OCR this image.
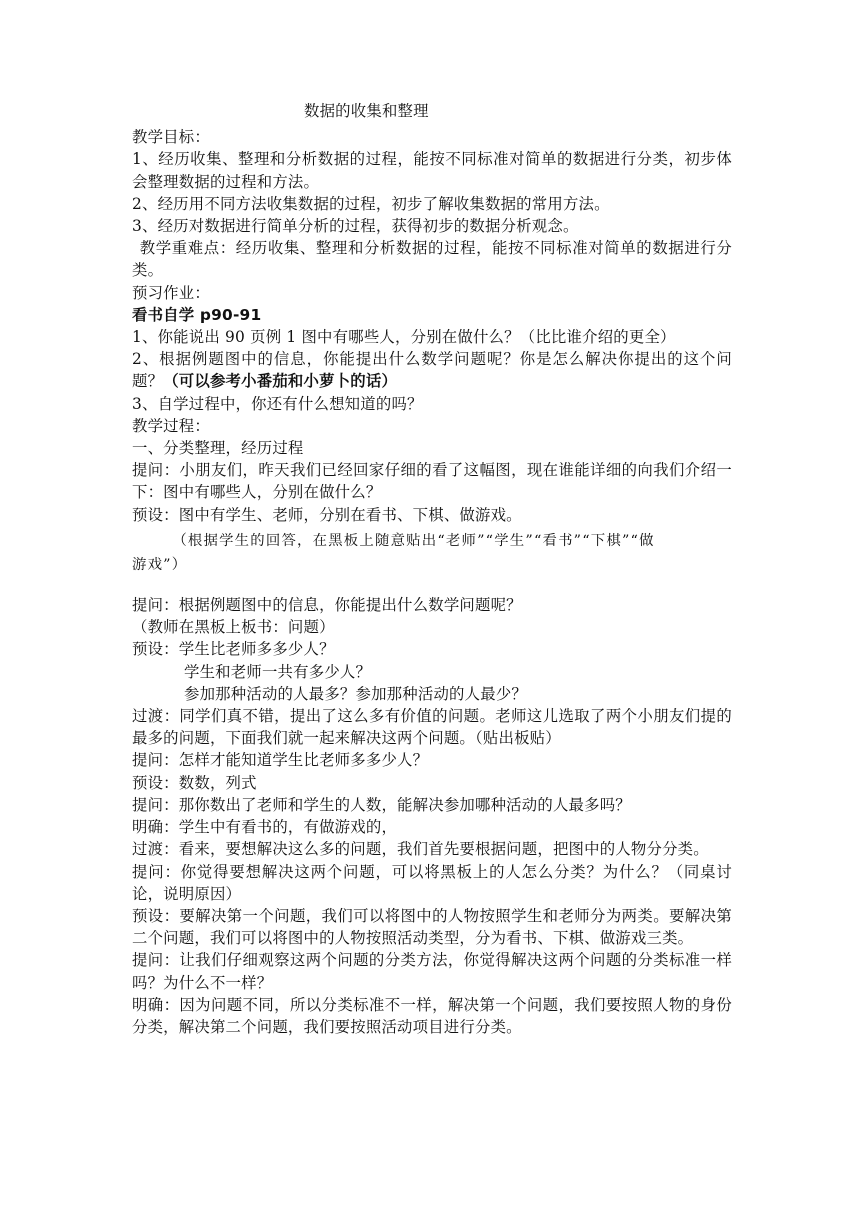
数据的收集和整理
教学目标：
1、经历收集、整理和分析数据的过程，能按不同标准对简单的数据进行分类，初步体会整理数据的过程和方法。
2、经历用不同方法收集数据的过程，初步了解收集数据的常用方法。
3、经历对数据进行简单分析的过程，获得初步的数据分析观念。
教学重难点：经历收集、整理和分析数据的过程，能按不同标准对简单的数据进行分类。
预习作业：
看书自学 p90-91
1、你能说出 90 页例 1 图中有哪些人，分别在做什么？（比比谁介绍的更全）
2、根据例题图中的信息，你能提出什么数学问题呢？你是怎么解决你提出的这个问题？（可以参考小番茄和小萝卜的话）
3、自学过程中，你还有什么想知道的吗？
教学过程：
一、分类整理，经历过程
提问：小朋友们，昨天我们已经回家仔细的看了这幅图，现在谁能详细的向我们介绍一下：图中有哪些人，分别在做什么？
预设：图中有学生、老师，分别在看书、下棋、做游戏。
（根据学生的回答，在黑板上随意贴出“老师”“学生”“看书”“下棋”“做
游戏”）
提问：根据例题图中的信息，你能提出什么数学问题呢？
（教师在黑板上板书：问题）
预设：学生比老师多多少人？
学生和老师一共有多少人？
参加那种活动的人最多？参加那种活动的人最少？
过渡：同学们真不错，提出了这么多有价值的问题。老师这儿选取了两个小朋友们提的最多的问题，下面我们就一起来解决这两个问题。（贴出板贴）
提问：怎样才能知道学生比老师多多少人？
预设：数数，列式
提问：那你数出了老师和学生的人数，能解决参加哪种活动的人最多吗？
明确：学生中有看书的，有做游戏的，
过渡：看来，要想解决这么多的问题，我们首先要根据问题，把图中的人物分分类。
提问：你觉得要想解决这两个问题，可以将黑板上的人怎么分类？为什么？（同桌讨论，说明原因）
预设：要解决第一个问题，我们可以将图中的人物按照学生和老师分为两类。要解决第二个问题，我们可以将图中的人物按照活动类型，分为看书、下棋、做游戏三类。
提问：让我们仔细观察这两个问题的分类方法，你觉得解决这两个问题的分类标准一样吗？为什么不一样？
明确：因为问题不同，所以分类标准不一样，解决第一个问题，我们要按照人物的身份分类，解决第二个问题，我们要按照活动项目进行分类。
